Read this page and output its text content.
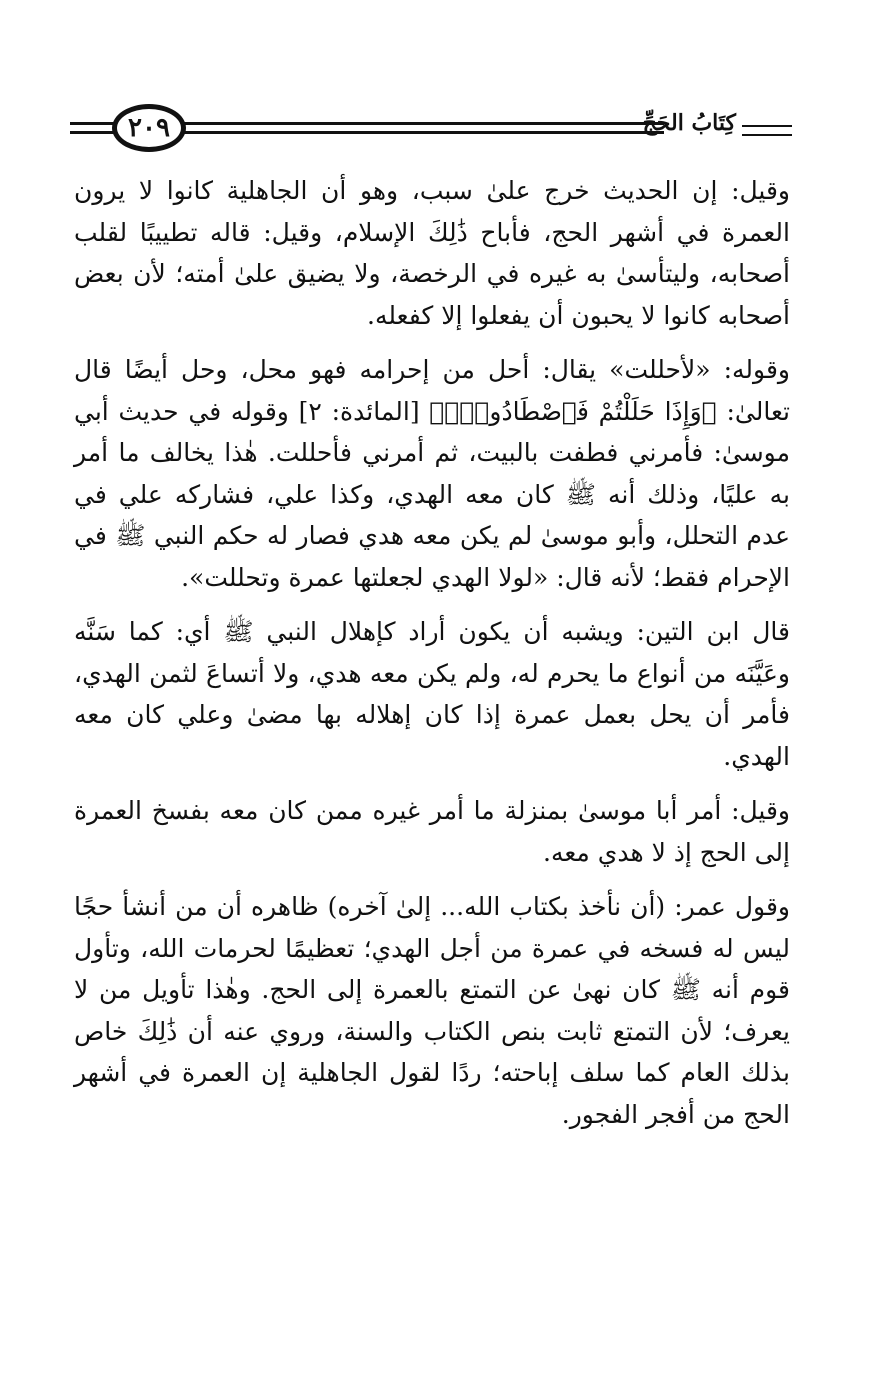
٢٠٩	كِتَابُ الحَجِّ

وقيل: إن الحديث خرج علىٰ سبب، وهو أن الجاهلية كانوا لا يرون العمرة في أشهر الحج، فأباح ذَٰلِكَ الإسلام، وقيل: قاله تطييبًا لقلب أصحابه، وليتأسىٰ به غيره في الرخصة، ولا يضيق علىٰ أمته؛ لأن بعض أصحابه كانوا لا يحبون أن يفعلوا إلا كفعله.

وقوله: «لأحللت» يقال: أحل من إحرامه فهو محل، وحل أيضًا قال تعالىٰ: ﴿وَإِذَا حَلَلْتُمْ فَٱصْطَادُوا۟ۚ﴾ [المائدة: ٢] وقوله في حديث أبي موسىٰ: فأمرني فطفت بالبيت، ثم أمرني فأحللت. هٰذا يخالف ما أمر به عليًا، وذلك أنه ﷺ كان معه الهدي، وكذا علي، فشاركه علي في عدم التحلل، وأبو موسىٰ لم يكن معه هدي فصار له حكم النبي ﷺ في الإحرام فقط؛ لأنه قال: «لولا الهدي لجعلتها عمرة وتحللت».

قال ابن التين: ويشبه أن يكون أراد كإهلال النبي ﷺ أي: كما سَنَّه وعَيَّنَه من أنواع ما يحرم له، ولم يكن معه هدي، ولا أتساعَ لثمن الهدي، فأمر أن يحل بعمل عمرة إذا كان إهلاله بها مضىٰ وعلي كان معه الهدي.

وقيل: أمر أبا موسىٰ بمنزلة ما أمر غيره ممن كان معه بفسخ العمرة إلى الحج إذ لا هدي معه.

وقول عمر: (أن نأخذ بكتاب الله... إلىٰ آخره) ظاهره أن من أنشأ حجًا ليس له فسخه في عمرة من أجل الهدي؛ تعظيمًا لحرمات الله، وتأول قوم أنه ﷺ كان نهىٰ عن التمتع بالعمرة إلى الحج. وهٰذا تأويل من لا يعرف؛ لأن التمتع ثابت بنص الكتاب والسنة، وروي عنه أن ذَٰلِكَ خاص بذلك العام كما سلف إباحته؛ ردًا لقول الجاهلية إن العمرة في أشهر الحج من أفجر الفجور.
